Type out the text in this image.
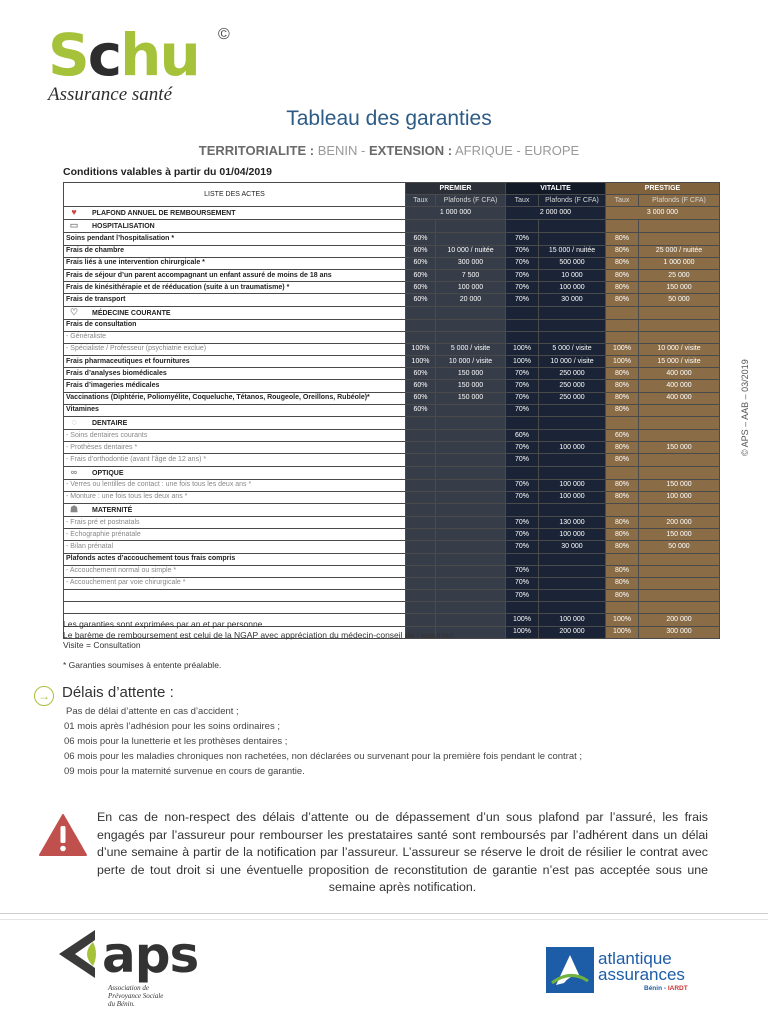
Schu ©
Assurance santé
Tableau des garanties
TERRITORIALITE : BENIN - EXTENSION : AFRIQUE - EUROPE
Conditions valables à partir du 01/04/2019
LISTE DES ACTES	PREMIER		VITALITE		PRESTIGE	
	Taux	Plafonds (F CFA)	Taux	Plafonds (F CFA)	Taux	Plafonds (F CFA)
♥ PLAFOND ANNUEL DE REMBOURSEMENT	1 000 000		2 000 000		3 000 000	
▭ HOSPITALISATION						
Soins pendant l’hospitalisation *	60%		70%		80%	
Frais de chambre	60%	10 000 / nuitée	70%	15 000 / nuitée	80%	25 000 / nuitée
Frais liés à une intervention chirurgicale *	60%	300 000	70%	500 000	80%	1 000 000
Frais de séjour d’un parent accompagnant un enfant assuré de moins de 18 ans	60%	7 500	70%	10 000	80%	25 000
Frais de kinésithérapie et de rééducation (suite à un traumatisme) *	60%	100 000	70%	100 000	80%	150 000
Frais de transport	60%	20 000	70%	30 000	80%	50 000
♡ MÉDECINE COURANTE						
Frais de consultation						
- Généraliste						
- Spécialiste / Professeur (psychiatrie exclue)	100%	5 000 / visite	100%	5 000 / visite	100%	10 000 / visite
Frais pharmaceutiques et fournitures	100%	10 000 / visite	100%	10 000 / visite	100%	15 000 / visite
Frais d’analyses biomédicales	60%	150 000	70%	250 000	80%	400 000
Frais d’imageries médicales	60%	150 000	70%	250 000	80%	400 000
Vaccinations (Diphtérie, Poliomyélite, Coqueluche, Tétanos, Rougeole, Oreillons, Rubéole)*	60%	150 000	70%	250 000	80%	400 000
Vitamines	60%		70%		80%	
◌ DENTAIRE						
- Soins dentaires courants			60%		60%	
- Prothèses dentaires *			70%	100 000	80%	150 000
- Frais d’orthodontie (avant l’âge de 12 ans) *			70%		80%	
∞ OPTIQUE						
- Verres ou lentilles de contact : une fois tous les deux ans *			70%	100 000	80%	150 000
- Monture : une fois tous les deux ans *			70%	100 000	80%	100 000
☗ MATERNITÉ						
- Frais pré et postnatals			70%	130 000	80%	200 000
- Echographie prénatale			70%	100 000	80%	150 000
- Bilan prénatal			70%	30 000	80%	50 000
Plafonds actes d’accouchement tous frais compris						
- Accouchement normal ou simple *			70%		80%	
- Accouchement par voie chirurgicale *			70%		80%	
			70%		80%	

			100%	100 000	100%	200 000
			100%	200 000	100%	300 000
Les garanties sont exprimées par an et par personne.
Le barème de remboursement est celui de la NGAP avec appréciation du médecin-conseil de l’assureur.
Visite = Consultation
* Garanties soumises à entente préalable.
→ Délais d’attente :
Pas de délai d’attente en cas d’accident ;
01 mois après l’adhésion pour les soins ordinaires ;
06 mois pour la lunetterie et les prothèses dentaires ;
06 mois pour les maladies chroniques non rachetées, non déclarées ou survenant pour la première fois pendant le contrat ;
09 mois pour la maternité survenue en cours de garantie.
En cas de non-respect des délais d’attente ou de dépassement d’un sous plafond par l’assuré, les frais engagés par l’assureur pour rembourser les prestataires santé sont remboursés par l’adhérent dans un délai d’une semaine à partir de la notification par l’assureur. L’assureur se réserve le droit de résilier le contrat avec perte de tout droit si une éventuelle proposition de reconstitution de garantie n’est pas acceptée sous une semaine après notification.
aps
Association de
Prévoyance Sociale
du Bénin.
atlantique
assurances
Bénin - IARDT
© APS – AAB – 03/2019
